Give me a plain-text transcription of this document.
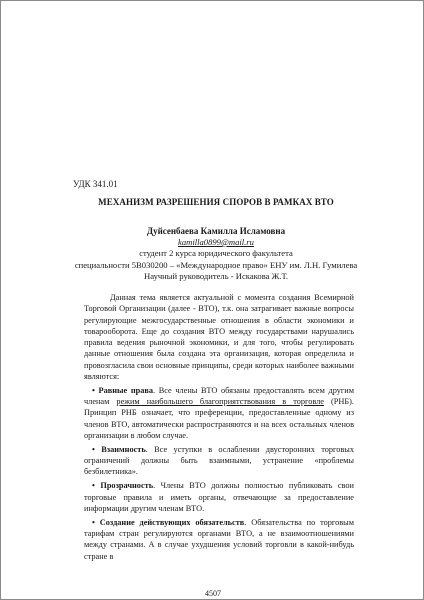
УДК 341.01
МЕХАНИЗМ РАЗРЕШЕНИЯ СПОРОВ В РАМКАХ ВТО
Дуйсенбаева Камилла Исламовна
kamilla0899@mail.ru
студент 2 курса юридического факультета
специальности 5В030200 – «Международное право» ЕНУ им. Л.Н. Гумилева
Научный руководитель - Искакова Ж.Т.

Данная тема является актуальной с момента создания Всемирной Торговой Организации (далее - ВТО), т.к. она затрагивает важные вопросы регулирующие межгосударственные отношения в области экономики и товарооборота. Еще до создания ВТО между государствами нарушались правила ведения рыночной экономики, и для того, чтобы регулировать данные отношения была создана эта организация, которая определила и провозгласила свои основные принципы, среди которых наиболее важными являются:

• Равные права. Все члены ВТО обязаны предоставлять всем другим членам режим наибольшего благоприятствования в торговле (РНБ). Принцип РНБ означает, что преференции, предоставленные одному из членов ВТО, автоматически распространяются и на всех остальных членов организации в любом случае.

• Взаимность. Все уступки в ослаблении двусторонних торговых ограничений должны быть взаимными, устранение «проблемы безбилетника».

• Прозрачность. Члены ВТО должны полностью публиковать свои торговые правила и иметь органы, отвечающие за предоставление информации другим членам ВТО.

• Создание действующих обязательств. Обязательства по торговым тарифам стран регулируются органами ВТО, а не взаимоотношениями между странами. А в случае ухудшения условий торговли в какой-нибудь стране в

4507
